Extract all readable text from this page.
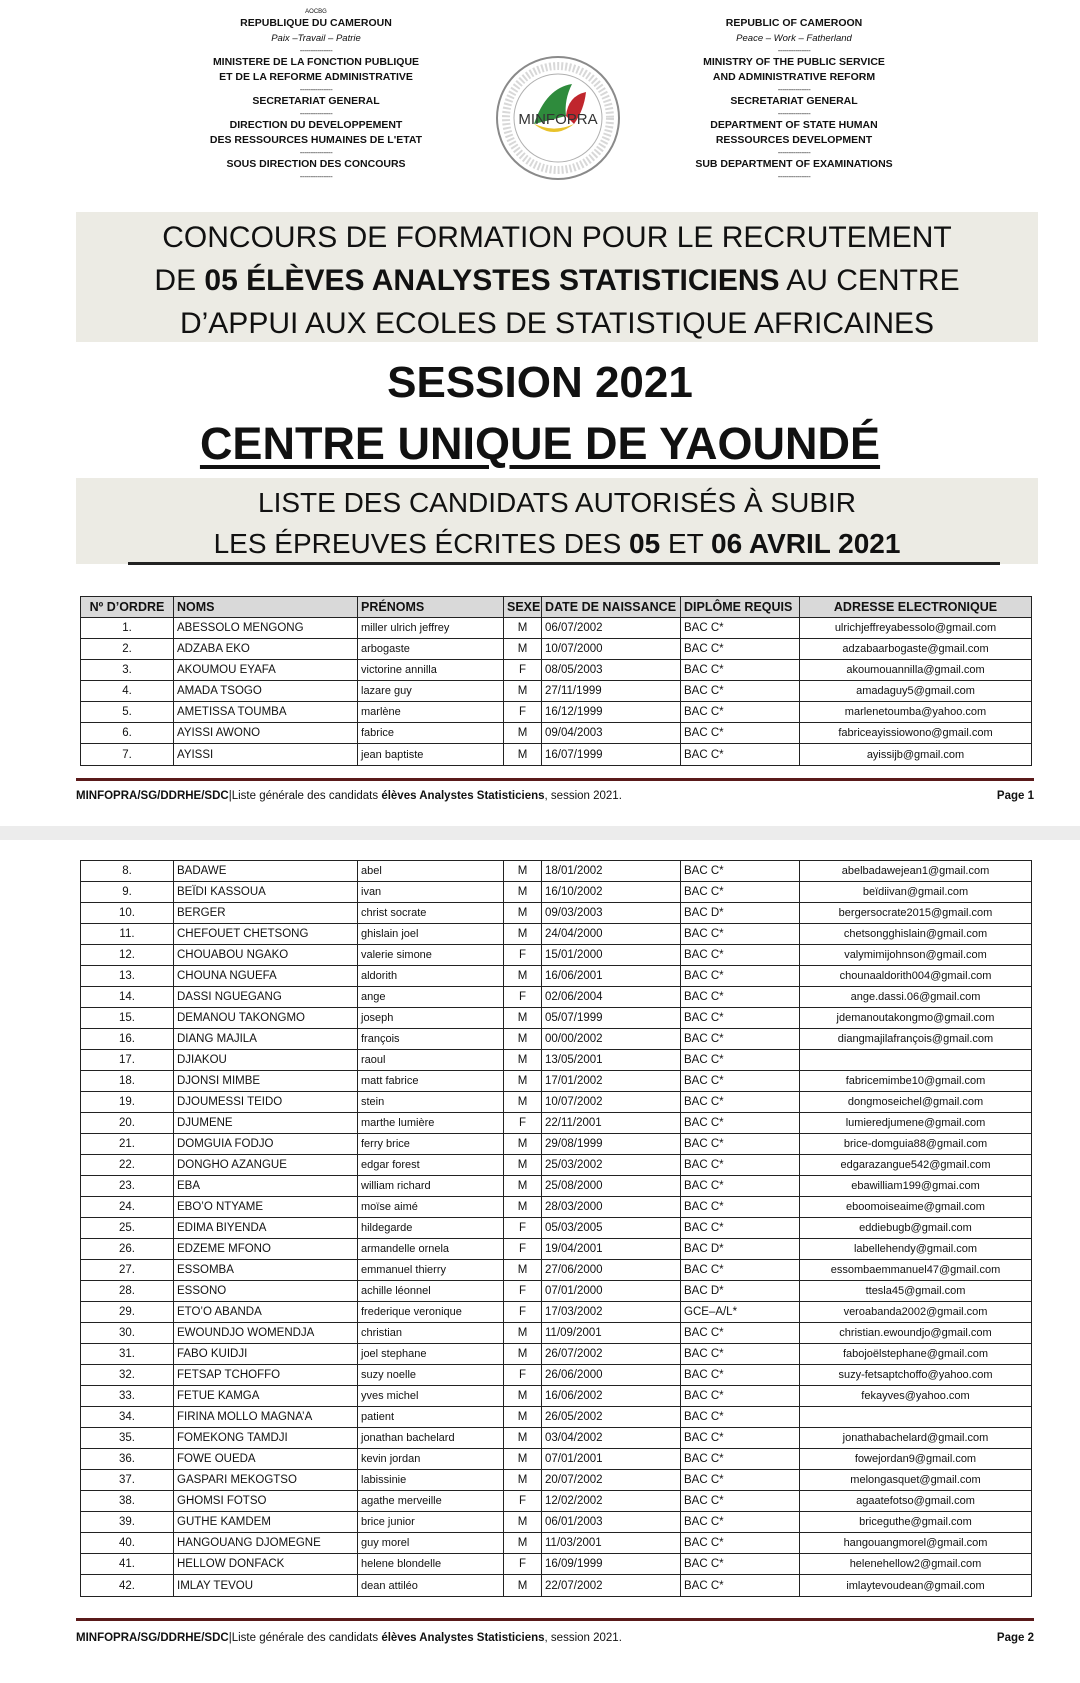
AOCBG
REPUBLIQUE DU CAMEROUN
Paix –Travail – Patrie
---------------
MINISTERE DE LA FONCTION PUBLIQUE
ET DE LA REFORME ADMINISTRATIVE
---------------
SECRETARIAT GENERAL
---------------
DIRECTION DU DEVELOPPEMENT
DES RESSOURCES HUMAINES DE L'ETAT
---------------
SOUS DIRECTION DES CONCOURS
---------------

REPUBLIC OF CAMEROON
Peace – Work – Fatherland
---------------
MINISTRY OF THE PUBLIC SERVICE
AND ADMINISTRATIVE REFORM
---------------
SECRETARIAT GENERAL
---------------
DEPARTMENT OF STATE HUMAN
RESSOURCES DEVELOPMENT
---------------
SUB DEPARTMENT OF EXAMINATIONS
---------------
MINFOPRA
CONCOURS DE FORMATION POUR LE RECRUTEMENT
DE 05 ÉLÈVES ANALYSTES STATISTICIENS AU CENTRE
D’APPUI AUX ECOLES DE STATISTIQUE AFRICAINES
SESSION 2021
CENTRE UNIQUE DE YAOUNDÉ
LISTE DES CANDIDATS AUTORISÉS À SUBIR
LES ÉPREUVES ÉCRITES DES 05 ET 06 AVRIL 2021
Nº D’ORDRE	NOMS	PRÉNOMS	SEXE	DATE DE NAISSANCE	DIPLÔME REQUIS	ADRESSE ELECTRONIQUE
1.	ABESSOLO MENGONG	miller ulrich jeffrey	M	06/07/2002	BAC C*	ulrichjeffreyabessolo@gmail.com
2.	ADZABA EKO	arbogaste	M	10/07/2000	BAC C*	adzabaarbogaste@gmail.com
3.	AKOUMOU EYAFA	victorine annilla	F	08/05/2003	BAC C*	akoumouannilla@gmail.com
4.	AMADA TSOGO	lazare guy	M	27/11/1999	BAC C*	amadaguy5@gmail.com
5.	AMETISSA TOUMBA	marlène	F	16/12/1999	BAC C*	marlenetoumba@yahoo.com
6.	AYISSI AWONO	fabrice	M	09/04/2003	BAC C*	fabriceayissiowono@gmail.com
7.	AYISSI	jean baptiste	M	16/07/1999	BAC C*	ayissijb@gmail.com
MINFOPRA/SG/DDRHE/SDC|Liste générale des candidats élèves Analystes Statisticiens, session 2021.	Page 1
8.	BADAWE	abel	M	18/01/2002	BAC C*	abelbadawejean1@gmail.com
9.	BEÏDI KASSOUA	ivan	M	16/10/2002	BAC C*	beïdiivan@gmail.com
10.	BERGER	christ socrate	M	09/03/2003	BAC D*	bergersocrate2015@gmail.com
11.	CHEFOUET CHETSONG	ghislain joel	M	24/04/2000	BAC C*	chetsongghislain@gmail.com
12.	CHOUABOU NGAKO	valerie simone	F	15/01/2000	BAC C*	valymimijohnson@gmail.com
13.	CHOUNA NGUEFA	aldorith	M	16/06/2001	BAC C*	chounaaldorith004@gmail.com
14.	DASSI NGUEGANG	ange	F	02/06/2004	BAC C*	ange.dassi.06@gmail.com
15.	DEMANOU TAKONGMO	joseph	M	05/07/1999	BAC C*	jdemanoutakongmo@gmail.com
16.	DIANG MAJILA	françois	M	00/00/2002	BAC C*	diangmajilafrançois@gmail.com
17.	DJIAKOU	raoul	M	13/05/2001	BAC C*	
18.	DJONSI MIMBE	matt fabrice	M	17/01/2002	BAC C*	fabricemimbe10@gmail.com
19.	DJOUMESSI TEIDO	stein	M	10/07/2002	BAC C*	dongmoseichel@gmail.com
20.	DJUMENE	marthe lumière	F	22/11/2001	BAC C*	lumieredjumene@gmail.com
21.	DOMGUIA FODJO	ferry brice	M	29/08/1999	BAC C*	brice-domguia88@gmail.com
22.	DONGHO AZANGUE	edgar forest	M	25/03/2002	BAC C*	edgarazangue542@gmail.com
23.	EBA	william richard	M	25/08/2000	BAC C*	ebawilliam199@gmai.com
24.	EBO’O NTYAME	moïse aimé	M	28/03/2000	BAC C*	eboomoiseaime@gmail.com
25.	EDIMA BIYENDA	hildegarde	F	05/03/2005	BAC C*	eddiebugb@gmail.com
26.	EDZEME MFONO	armandelle ornela	F	19/04/2001	BAC D*	labellehendy@gmail.com
27.	ESSOMBA	emmanuel thierry	M	27/06/2000	BAC C*	essombaemmanuel47@gmail.com
28.	ESSONO	achille léonnel	F	07/01/2000	BAC D*	ttesla45@gmail.com
29.	ETO’O ABANDA	frederique veronique	F	17/03/2002	GCE–A/L*	veroabanda2002@gmail.com
30.	EWOUNDJO WOMENDJA	christian	M	11/09/2001	BAC C*	christian.ewoundjo@gmail.com
31.	FABO KUIDJI	joel stephane	M	26/07/2002	BAC C*	fabojoëlstephane@gmail.com
32.	FETSAP TCHOFFO	suzy noelle	F	26/06/2000	BAC C*	suzy-fetsaptchoffo@yahoo.com
33.	FETUE KAMGA	yves michel	M	16/06/2002	BAC C*	fekayves@yahoo.com
34.	FIRINA MOLLO MAGNA’A	patient	M	26/05/2002	BAC C*	
35.	FOMEKONG TAMDJI	jonathan bachelard	M	03/04/2002	BAC C*	jonathabachelard@gmail.com
36.	FOWE OUEDA	kevin jordan	M	07/01/2001	BAC C*	fowejordan9@gmail.com
37.	GASPARI MEKOGTSO	labissinie	M	20/07/2002	BAC C*	melongasquet@gmail.com
38.	GHOMSI FOTSO	agathe merveille	F	12/02/2002	BAC C*	agaatefotso@gmail.com
39.	GUTHE KAMDEM	brice junior	M	06/01/2003	BAC C*	briceguthe@gmail.com
40.	HANGOUANG DJOMEGNE	guy morel	M	11/03/2001	BAC C*	hangouangmorel@gmail.com
41.	HELLOW DONFACK	helene blondelle	F	16/09/1999	BAC C*	helenehellow2@gmail.com
42.	IMLAY TEVOU	dean attiléo	M	22/07/2002	BAC C*	imlaytevoudean@gmail.com
MINFOPRA/SG/DDRHE/SDC|Liste générale des candidats élèves Analystes Statisticiens, session 2021.	Page 2
